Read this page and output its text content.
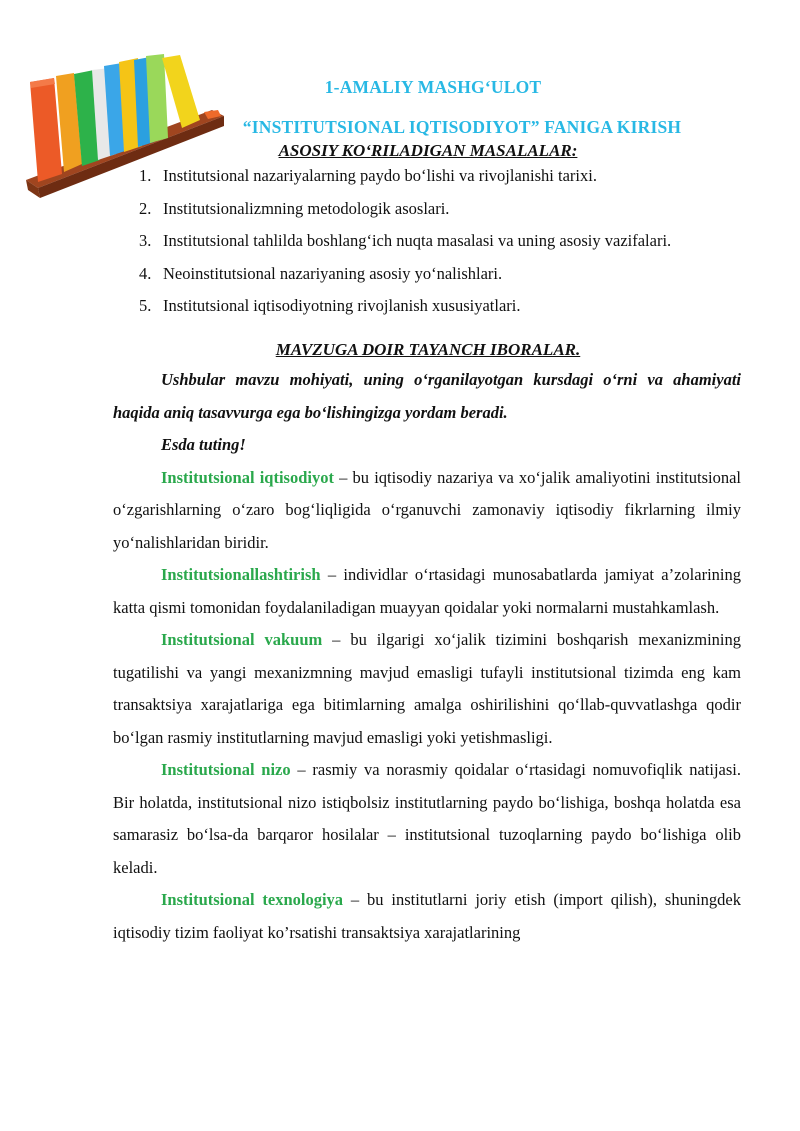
1-AMALIY MASHG‘ULOT
“INSTITUTSIONAL IQTISODIYOT” FANIGA KIRISH
ASOSIY KO‘RILADIGAN MASALALAR:
1. Institutsional nazariyalarning paydo bo‘lishi va rivojlanishi tarixi.
2. Institutsionalizmning metodologik asoslari.
3. Institutsional tahlilda boshlang‘ich nuqta masalasi va uning asosiy vazifalari.
4. Neoinstitutsional nazariyaning asosiy yo‘nalishlari.
5. Institutsional iqtisodiyotning rivojlanish xususiyatlari.
MAVZUGA DOIR TAYANCH IBORALAR.

Ushbular mavzu mohiyati, uning o‘rganilayotgan kursdagi o‘rni va ahamiyati haqida aniq tasavvurga ega bo‘lishingizga yordam beradi.

Esda tuting!

Institutsional iqtisodiyot – bu iqtisodiy nazariya va xo‘jalik amaliyotini institutsional o‘zgarishlarning o‘zaro bog‘liqligida o‘rganuvchi zamonaviy iqtisodiy fikrlarning ilmiy yo‘nalishlaridan biridir.

Institutsionallashtirish – individlar o‘rtasidagi munosabatlarda jamiyat a’zolarining katta qismi tomonidan foydalaniladigan muayyan qoidalar yoki normalarni mustahkamlash.

Institutsional vakuum – bu ilgarigi xo‘jalik tizimini boshqarish mexanizmining tugatilishi va yangi mexanizmning mavjud emasligi tufayli institutsional tizimda eng kam transaktsiya xarajatlariga ega bitimlarning amalga oshirilishini qo‘llab-quvvatlashga qodir bo‘lgan rasmiy institutlarning mavjud emasligi yoki yetishmasligi.

Institutsional nizo – rasmiy va norasmiy qoidalar o‘rtasidagi nomuvofiqlik natijasi. Bir holatda, institutsional nizo istiqbolsiz institutlarning paydo bo‘lishiga, boshqa holatda esa samarasiz bo‘lsa-da barqaror hosilalar – institutsional tuzoqlarning paydo bo‘lishiga olib keladi.

Institutsional texnologiya – bu institutlarni joriy etish (import qilish), shuningdek iqtisodiy tizim faoliyat ko’rsatishi transaktsiya xarajatlarining
